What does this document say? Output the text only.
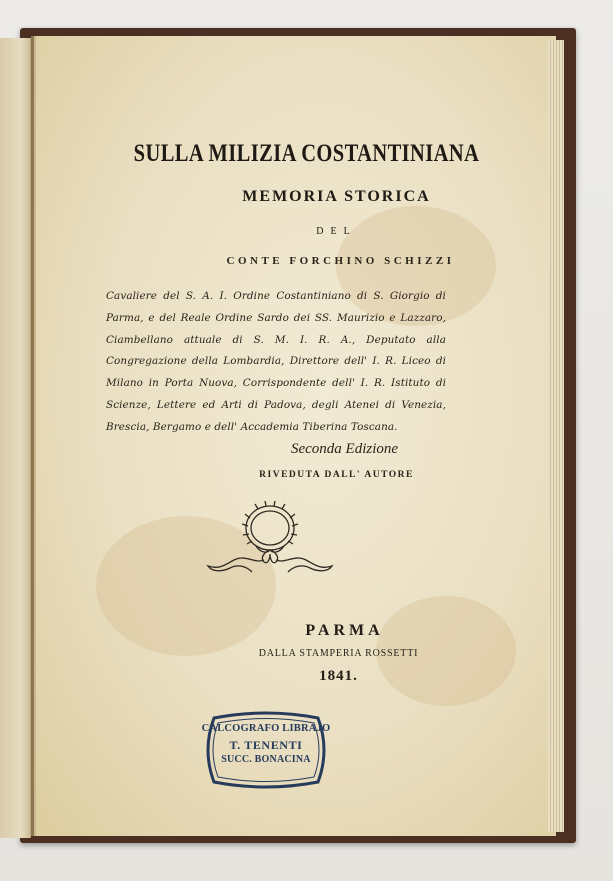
SULLA MILIZIA COSTANTINIANA
MEMORIA STORICA
DEL
CONTE FORCHINO SCHIZZI
Cavaliere del S. A. I. Ordine Costantiniano di S. Giorgio di Parma, e del Reale Ordine Sardo dei SS. Maurizio e Lazzaro, Ciambellano attuale di S. M. I. R. A., Deputato alla Congregazione della Lombardia, Direttore dell' I. R. Liceo di Milano in Porta Nuova, Corrispondente dell' I. R. Istituto di Scienze, Lettere ed Arti di Padova, degli Atenei di Venezia, Brescia, Bergamo e dell' Accademia Tiberina Toscana.
Seconda Edizione
RIVEDUTA DALL' AUTORE
PARMA
DALLA STAMPERIA ROSSETTI
1841.
CALCOGRAFO LIBRAJO
T. TENENTI
SUCC. BONACINA
